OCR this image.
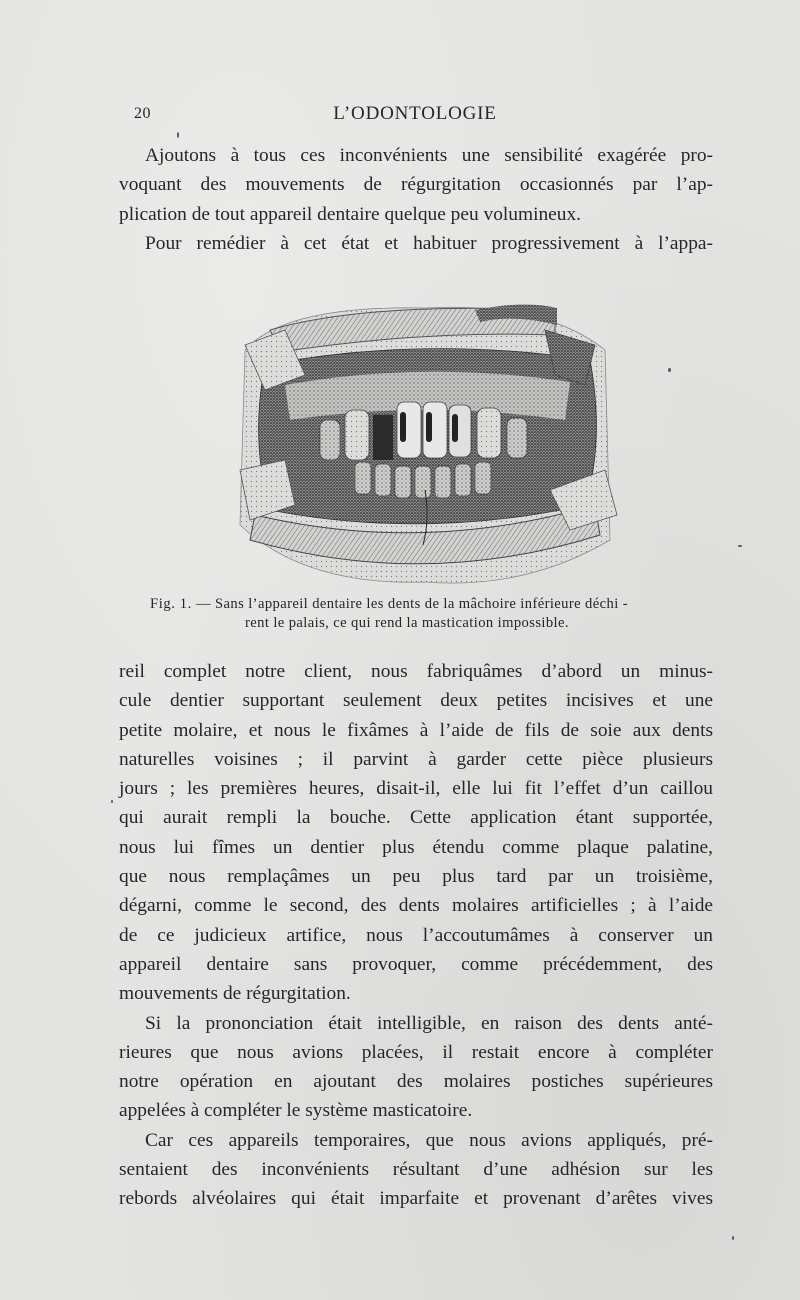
20	L’ODONTOLOGIE

Ajoutons à tous ces inconvénients une sensibilité exagérée pro-
voquant des mouvements de régurgitation occasionnés par l’ap-
plication de tout appareil dentaire quelque peu volumineux.

Pour remédier à cet état et habituer progressivement à l’appa-

Fig. 1. — Sans l’appareil dentaire les dents de la mâchoire inférieure déchi -
rent le palais, ce qui rend la mastication impossible.

reil complet notre client, nous fabriquâmes d’abord un minus-
cule dentier supportant seulement deux petites incisives et une
petite molaire, et nous le fixâmes à l’aide de fils de soie aux dents
naturelles voisines ; il parvint à garder cette pièce plusieurs
jours ; les premières heures, disait-il, elle lui fit l’effet d’un caillou
qui aurait rempli la bouche. Cette application étant supportée,
nous lui fîmes un dentier plus étendu comme plaque palatine,
que nous remplaçâmes un peu plus tard par un troisième,
dégarni, comme le second, des dents molaires artificielles ; à l’aide
de ce judicieux artifice, nous l’accoutumâmes à conserver un
appareil dentaire sans provoquer, comme précédemment, des
mouvements de régurgitation.

Si la prononciation était intelligible, en raison des dents anté-
rieures que nous avions placées, il restait encore à compléter
notre opération en ajoutant des molaires postiches supérieures
appelées à compléter le système masticatoire.

Car ces appareils temporaires, que nous avions appliqués, pré-
sentaient des inconvénients résultant d’une adhésion sur les
rebords alvéolaires qui était imparfaite et provenant d’arêtes vives
